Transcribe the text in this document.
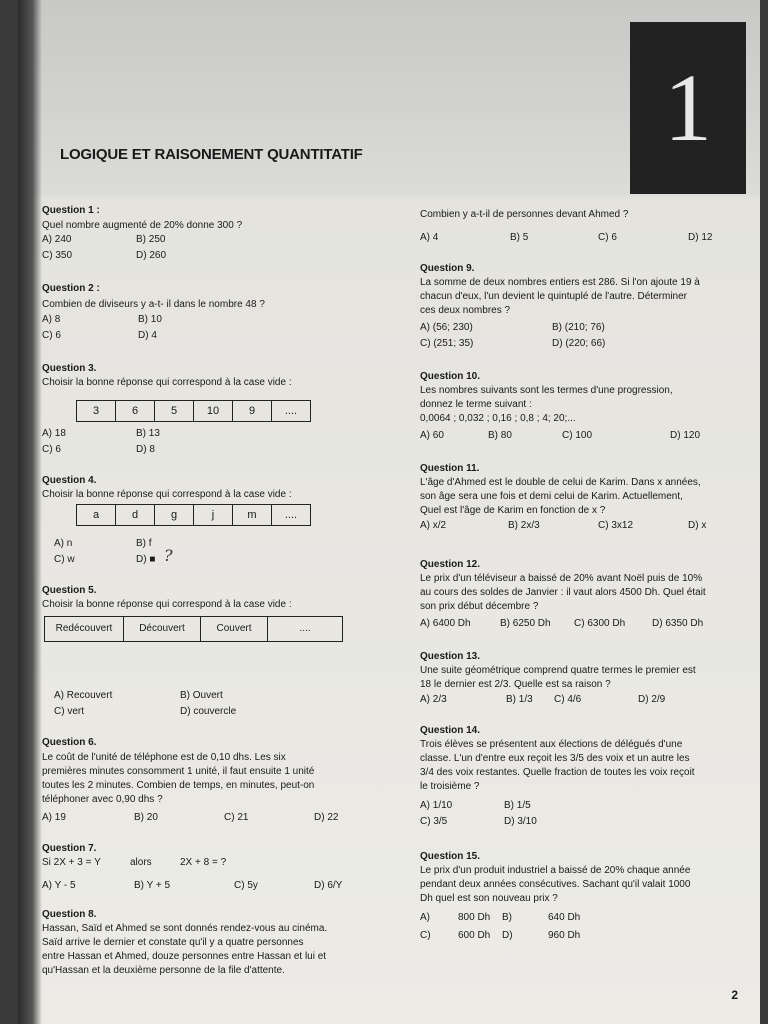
1
LOGIQUE ET RAISONEMENT QUANTITATIF
Question 1 :
Quel nombre augmenté de 20% donne 300 ?
A) 240	B) 250
C) 350	D) 260
Question 2 :
Combien de diviseurs y a-t- il dans le nombre 48 ?
A) 8	B) 10
C) 6	D) 4
Question 3.
Choisir la bonne réponse qui correspond à la case vide :
3	6	5	10	9	....
A) 18	B) 13
C) 6	D) 8
Question 4.
Choisir la bonne réponse qui correspond à la case vide :
a	d	g	j	m	....
A) n	B) f
C) w	D) ■ ?
Question 5.
Choisir la bonne réponse qui correspond à la case vide :
Redécouvert	Découvert	Couvert	....
A) Recouvert	B) Ouvert
C) vert	D) couvercle
Question 6.
Le coût de l'unité de téléphone est de 0,10 dhs. Les six
premières minutes consomment 1 unité, il faut ensuite 1 unité
toutes les 2 minutes. Combien de temps, en minutes, peut-on
téléphoner avec 0,90 dhs ?
A) 19	B) 20	C) 21	D) 22
Question 7.
Si 2X + 3 = Y	alors	2X + 8 = ?
A) Y - 5	B) Y + 5	C) 5y	D) 6/Y
Question 8.
Hassan, Saïd et Ahmed se sont donnés rendez-vous au cinéma.
Saïd arrive le dernier et constate qu'il y a quatre personnes
entre Hassan et Ahmed, douze personnes entre Hassan et lui et
qu'Hassan et la deuxième personne de la file d'attente.
Combien y a-t-il de personnes devant Ahmed ?
A) 4	B) 5	C) 6	D) 12
Question 9.
La somme de deux nombres entiers est 286. Si l'on ajoute 19 à
chacun d'eux, l'un devient le quintuplé de l'autre. Déterminer
ces deux nombres ?
A) (56; 230)	B) (210; 76)
C) (251; 35)	D) (220; 66)
Question 10.
Les nombres suivants sont les termes d'une progression,
donnez le terme suivant :
0,0064 ; 0,032 ; 0,16 ; 0,8 ; 4; 20;...
A) 60	B) 80	C) 100	D) 120
Question 11.
L'âge d'Ahmed est le double de celui de Karim. Dans x années,
son âge sera une fois et demi celui de Karim. Actuellement,
Quel est l'âge de Karim en fonction de x ?
A) x/2	B) 2x/3	C) 3x12	D) x
Question 12.
Le prix d'un téléviseur a baissé de 20% avant Noël puis de 10%
au cours des soldes de Janvier : il vaut alors 4500 Dh. Quel était
son prix début décembre ?
A) 6400 Dh	B) 6250 Dh C) 6300 Dh	D) 6350 Dh
Question 13.
Une suite géométrique comprend quatre termes le premier est
18 le dernier est 2/3. Quelle est sa raison ?
A) 2/3	B) 1/3 C) 4/6	D) 2/9
Question 14.
Trois élèves se présentent aux élections de délégués d'une
classe. L'un d'entre eux reçoit les 3/5 des voix et un autre les
3/4 des voix restantes. Quelle fraction de toutes les voix reçoit
le troisième ?
A) 1/10	B) 1/5
C) 3/5	D) 3/10
Question 15.
Le prix d'un produit industriel a baissé de 20% chaque année
pendant deux années consécutives. Sachant qu'il valait 1000
Dh quel est son nouveau prix ?
A)	800 Dh B)	640 Dh
C)	600 Dh D)	960 Dh
2
